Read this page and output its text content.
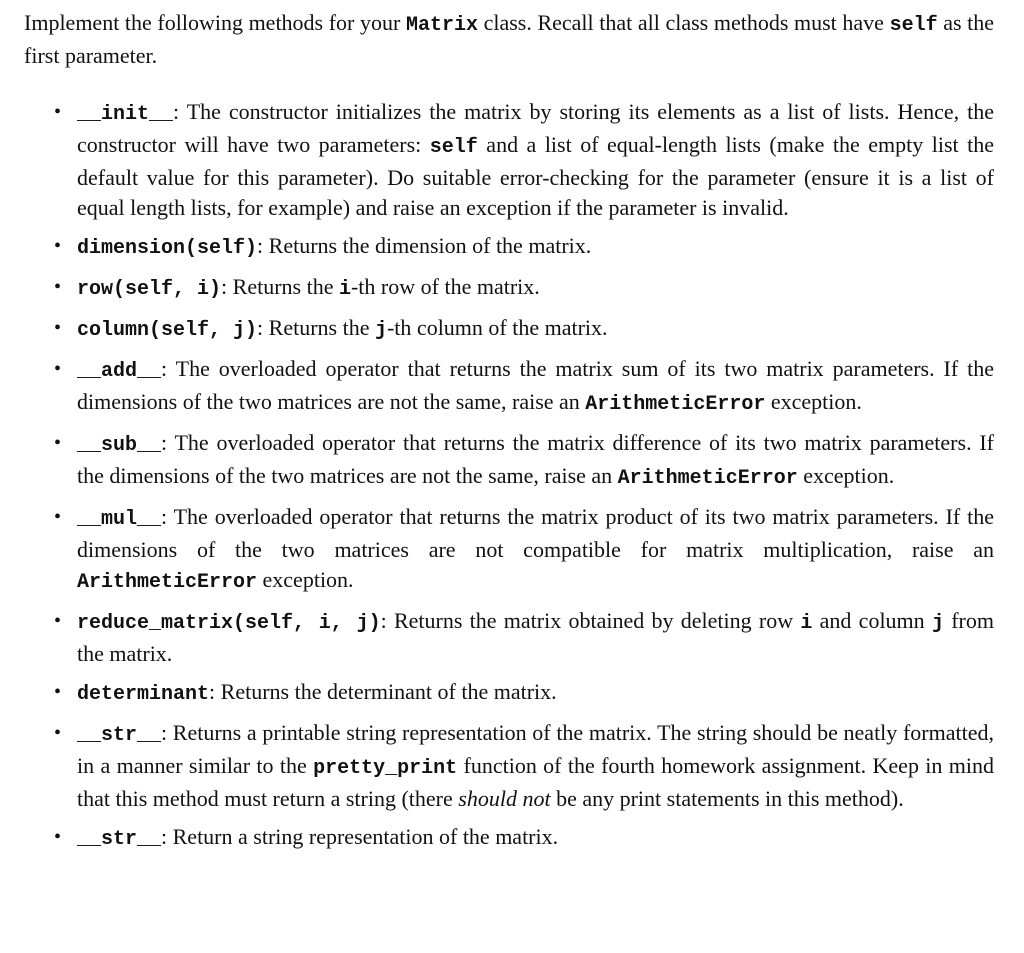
Implement the following methods for your Matrix class. Recall that all class methods must have self as the first parameter.

• __init__: The constructor initializes the matrix by storing its elements as a list of lists. Hence, the constructor will have two parameters: self and a list of equal-length lists (make the empty list the default value for this parameter). Do suitable error-checking for the parameter (ensure it is a list of equal length lists, for example) and raise an exception if the parameter is invalid.
• dimension(self): Returns the dimension of the matrix.
• row(self, i): Returns the i-th row of the matrix.
• column(self, j): Returns the j-th column of the matrix.
• __add__: The overloaded operator that returns the matrix sum of its two matrix parameters. If the dimensions of the two matrices are not the same, raise an ArithmeticError exception.
• __sub__: The overloaded operator that returns the matrix difference of its two matrix parameters. If the dimensions of the two matrices are not the same, raise an ArithmeticError exception.
• __mul__: The overloaded operator that returns the matrix product of its two matrix parameters. If the dimensions of the two matrices are not compatible for matrix multiplication, raise an ArithmeticError exception.
• reduce_matrix(self, i, j): Returns the matrix obtained by deleting row i and column j from the matrix.
• determinant: Returns the determinant of the matrix.
• __str__: Returns a printable string representation of the matrix. The string should be neatly formatted, in a manner similar to the pretty_print function of the fourth homework assignment. Keep in mind that this method must return a string (there should not be any print statements in this method).
• __str__: Return a string representation of the matrix.
